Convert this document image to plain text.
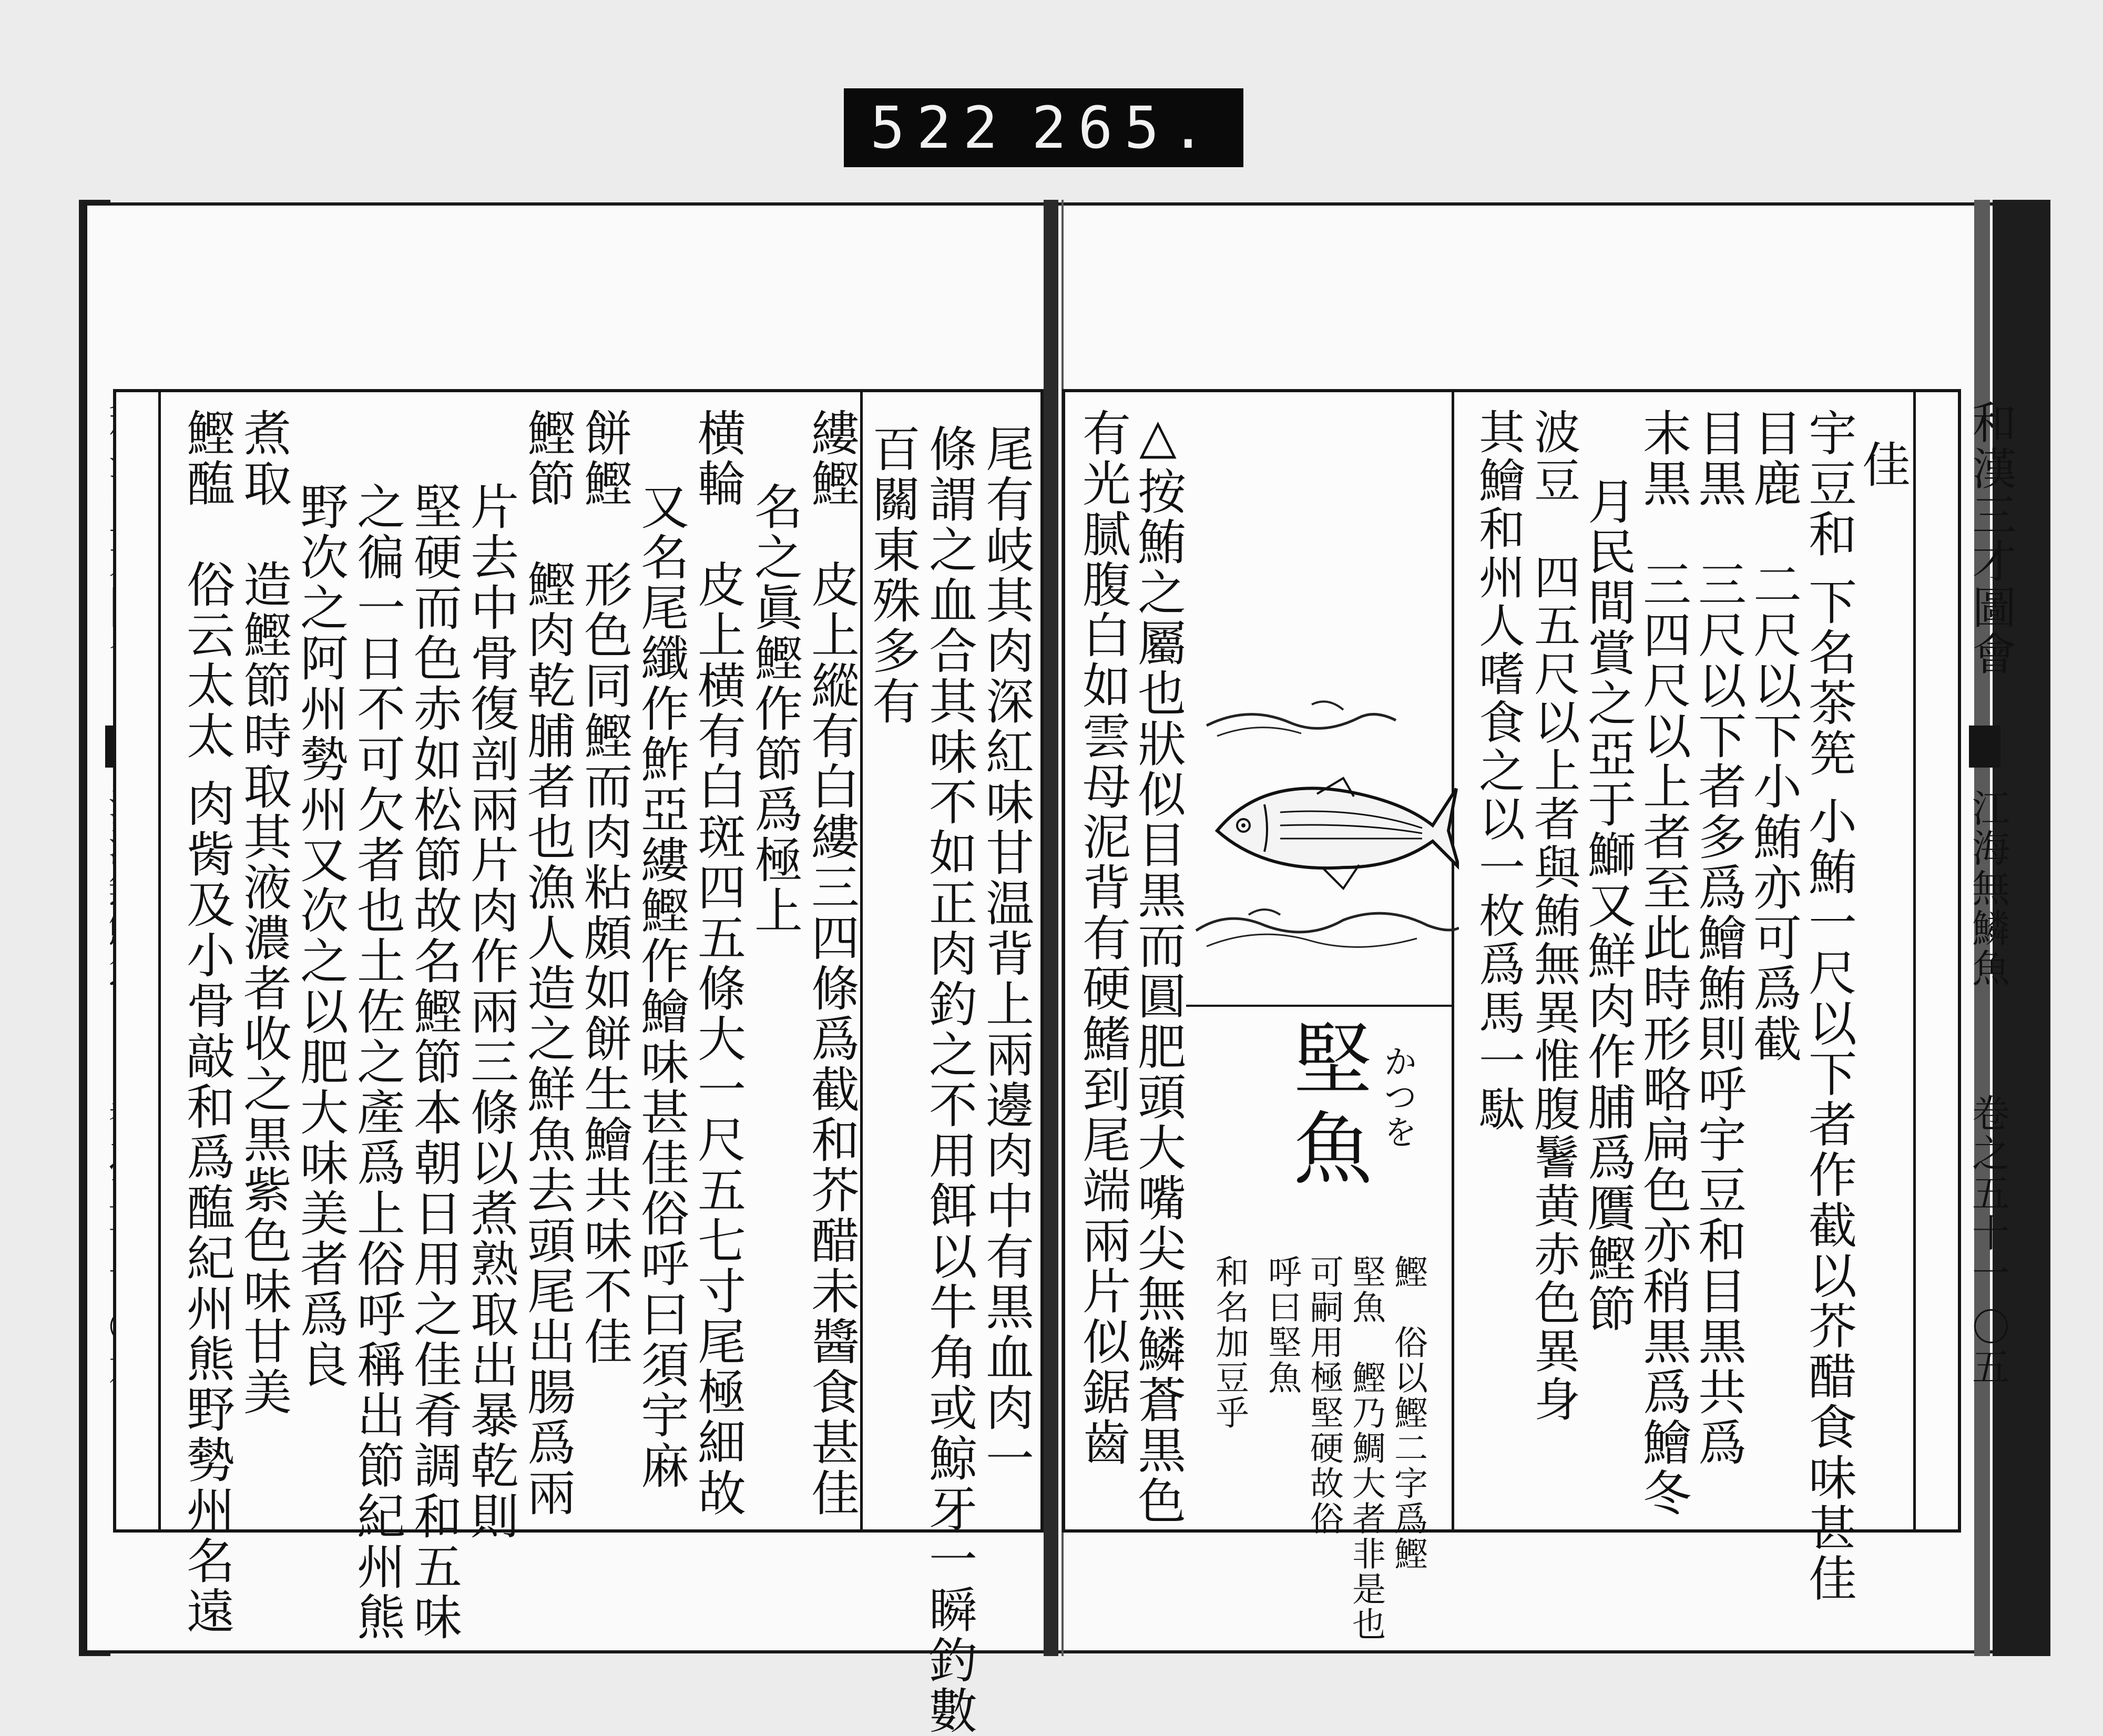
522 265.
尾有岐其肉深紅味甘温背上兩邊肉中有黒血肉一
條謂之血合其味不如正肉釣之不用餌以牛角或鯨牙一瞬釣數
百關東殊多有
縷鰹　皮上縱有白縷三四條爲截和芥醋未醬食甚佳
名之眞鰹作節爲極上
横輪　皮上横有白斑四五條大一尺五七寸尾極細故
又名尾纖作鮓亞縷鰹作鱠味甚佳俗呼曰須宇麻
餅鰹　形色同鰹而肉粘頗如餅生鱠共味不佳
鰹節　鰹肉乾脯者也漁人造之鮮魚去頭尾出腸爲兩
片去中骨復剖兩片肉作兩三條以煮熟取出暴乾則
堅硬而色赤如松節故名鰹節本朝日用之佳肴調和五味
之徧一日不可欠者也土佐之產爲上俗呼稱出節紀州熊
野次之阿州勢州又次之以肥大味美者爲良
煮取　造鰹節時取其液濃者收之黒紫色味甘美
鰹醢　俗云太太 肉胔及小骨敲和爲醢紀州熊野勢州名遠	佳
宇豆和 下名茶筅 小鮪一尺以下者作截以芥醋食味甚佳
目鹿　二尺以下小鮪亦可爲截
目黒　三尺以下者多爲鱠鮪則呼宇豆和目黒共爲
末黒　三四尺以上者至此時形略扁色亦稍黒爲鱠冬
月民間賞之亞于鰤又鮮肉作脯爲贋鰹節
波豆　四五尺以上者與鮪無異惟腹鬐黄赤色異身
其鱠和州人嗜食之以一枚爲馬一駄
△按鮪之屬也狀似目黒而圓肥頭大嘴尖無鱗蒼黒色
有光腻腹白如雲母泥背有硬鰭到尾端兩片似鋸齒 堅魚 かつを
鰹　俗以鰹二字爲鰹
堅魚　鰹乃鯛大者非是也
可嗣用極堅硬故俗
呼曰堅魚
和名加豆乎
和漢三才圖會
江海無鱗魚
卷之五十一 〇五
